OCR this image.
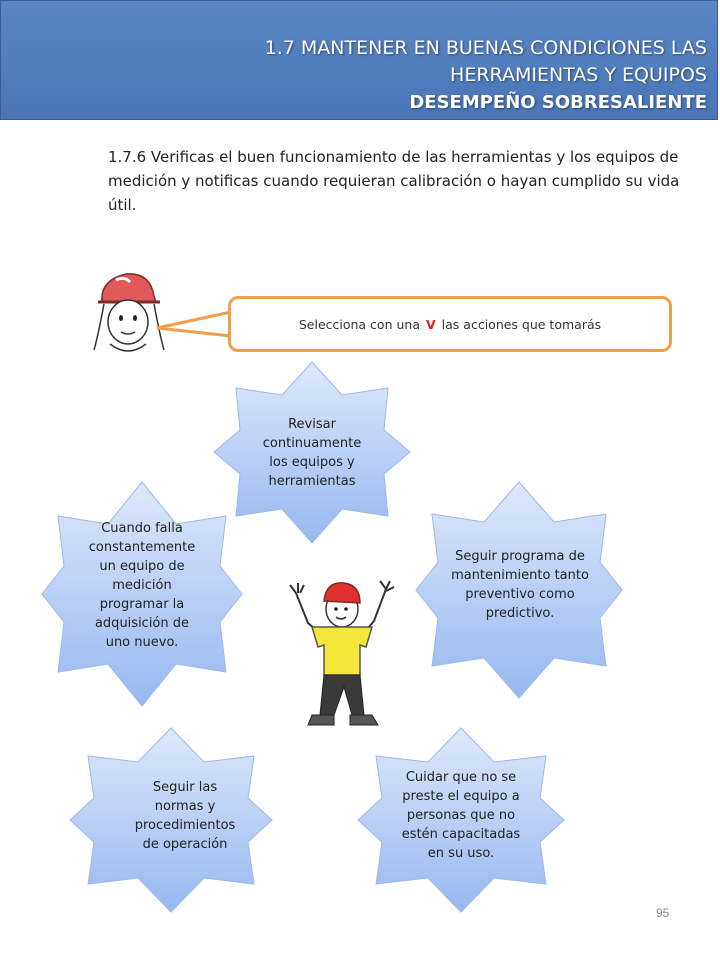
1.7 MANTENER EN BUENAS CONDICIONES LAS
HERRAMIENTAS Y EQUIPOS
DESEMPEÑO SOBRESALIENTE
1.7.6 Verificas el buen funcionamiento de las herramientas y los equipos de medición y notificas cuando requieran calibración o hayan cumplido su vida útil.
Selecciona con una V las acciones que tomarás
Revisar continuamente los equipos y herramientas
Cuando falla constantemente un equipo de medición programar la adquisición de uno nuevo.
Seguir programa de mantenimiento tanto preventivo como predictivo.
Seguir las normas y procedimientos de operación
Cuidar que no se preste el equipo a personas que no estén capacitadas en su uso.
95
